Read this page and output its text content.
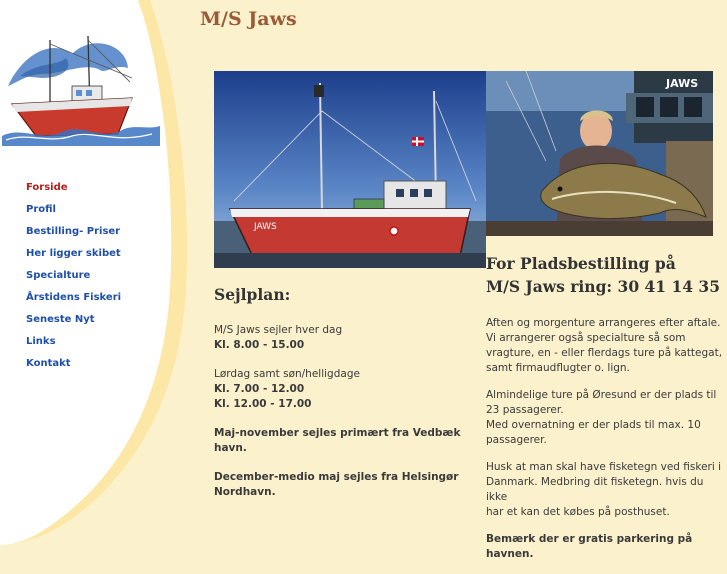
Forside
Profil
Bestilling- Priser
Her ligger skibet
Specialture
Årstidens Fiskeri
Seneste Nyt
Links
Kontakt
M/S Jaws
JAWS
JAWS
Sejlplan:

M/S Jaws sejler hver dag
Kl. 8.00 - 15.00

Lørdag samt søn/helligdage
Kl. 7.00 - 12.00
Kl. 12.00 - 17.00

Maj-november sejles primært fra Vedbæk havn.

December-medio maj sejles fra Helsingør Nordhavn.

For Pladsbestilling på
M/S Jaws ring: 30 41 14 35

Aften og morgenture arrangeres efter aftale.
Vi arrangerer også specialture så som
vragture, en - eller flerdags ture på kattegat,
samt firmaudflugter o. lign.

Almindelige ture på Øresund er der plads til
23 passagerer.
Med overnatning er der plads til max. 10
passagerer.

Husk at man skal have fisketegn ved fiskeri i
Danmark. Medbring dit fisketegn. hvis du ikke
har et kan det købes på posthuset.

Bemærk der er gratis parkering på havnen.
